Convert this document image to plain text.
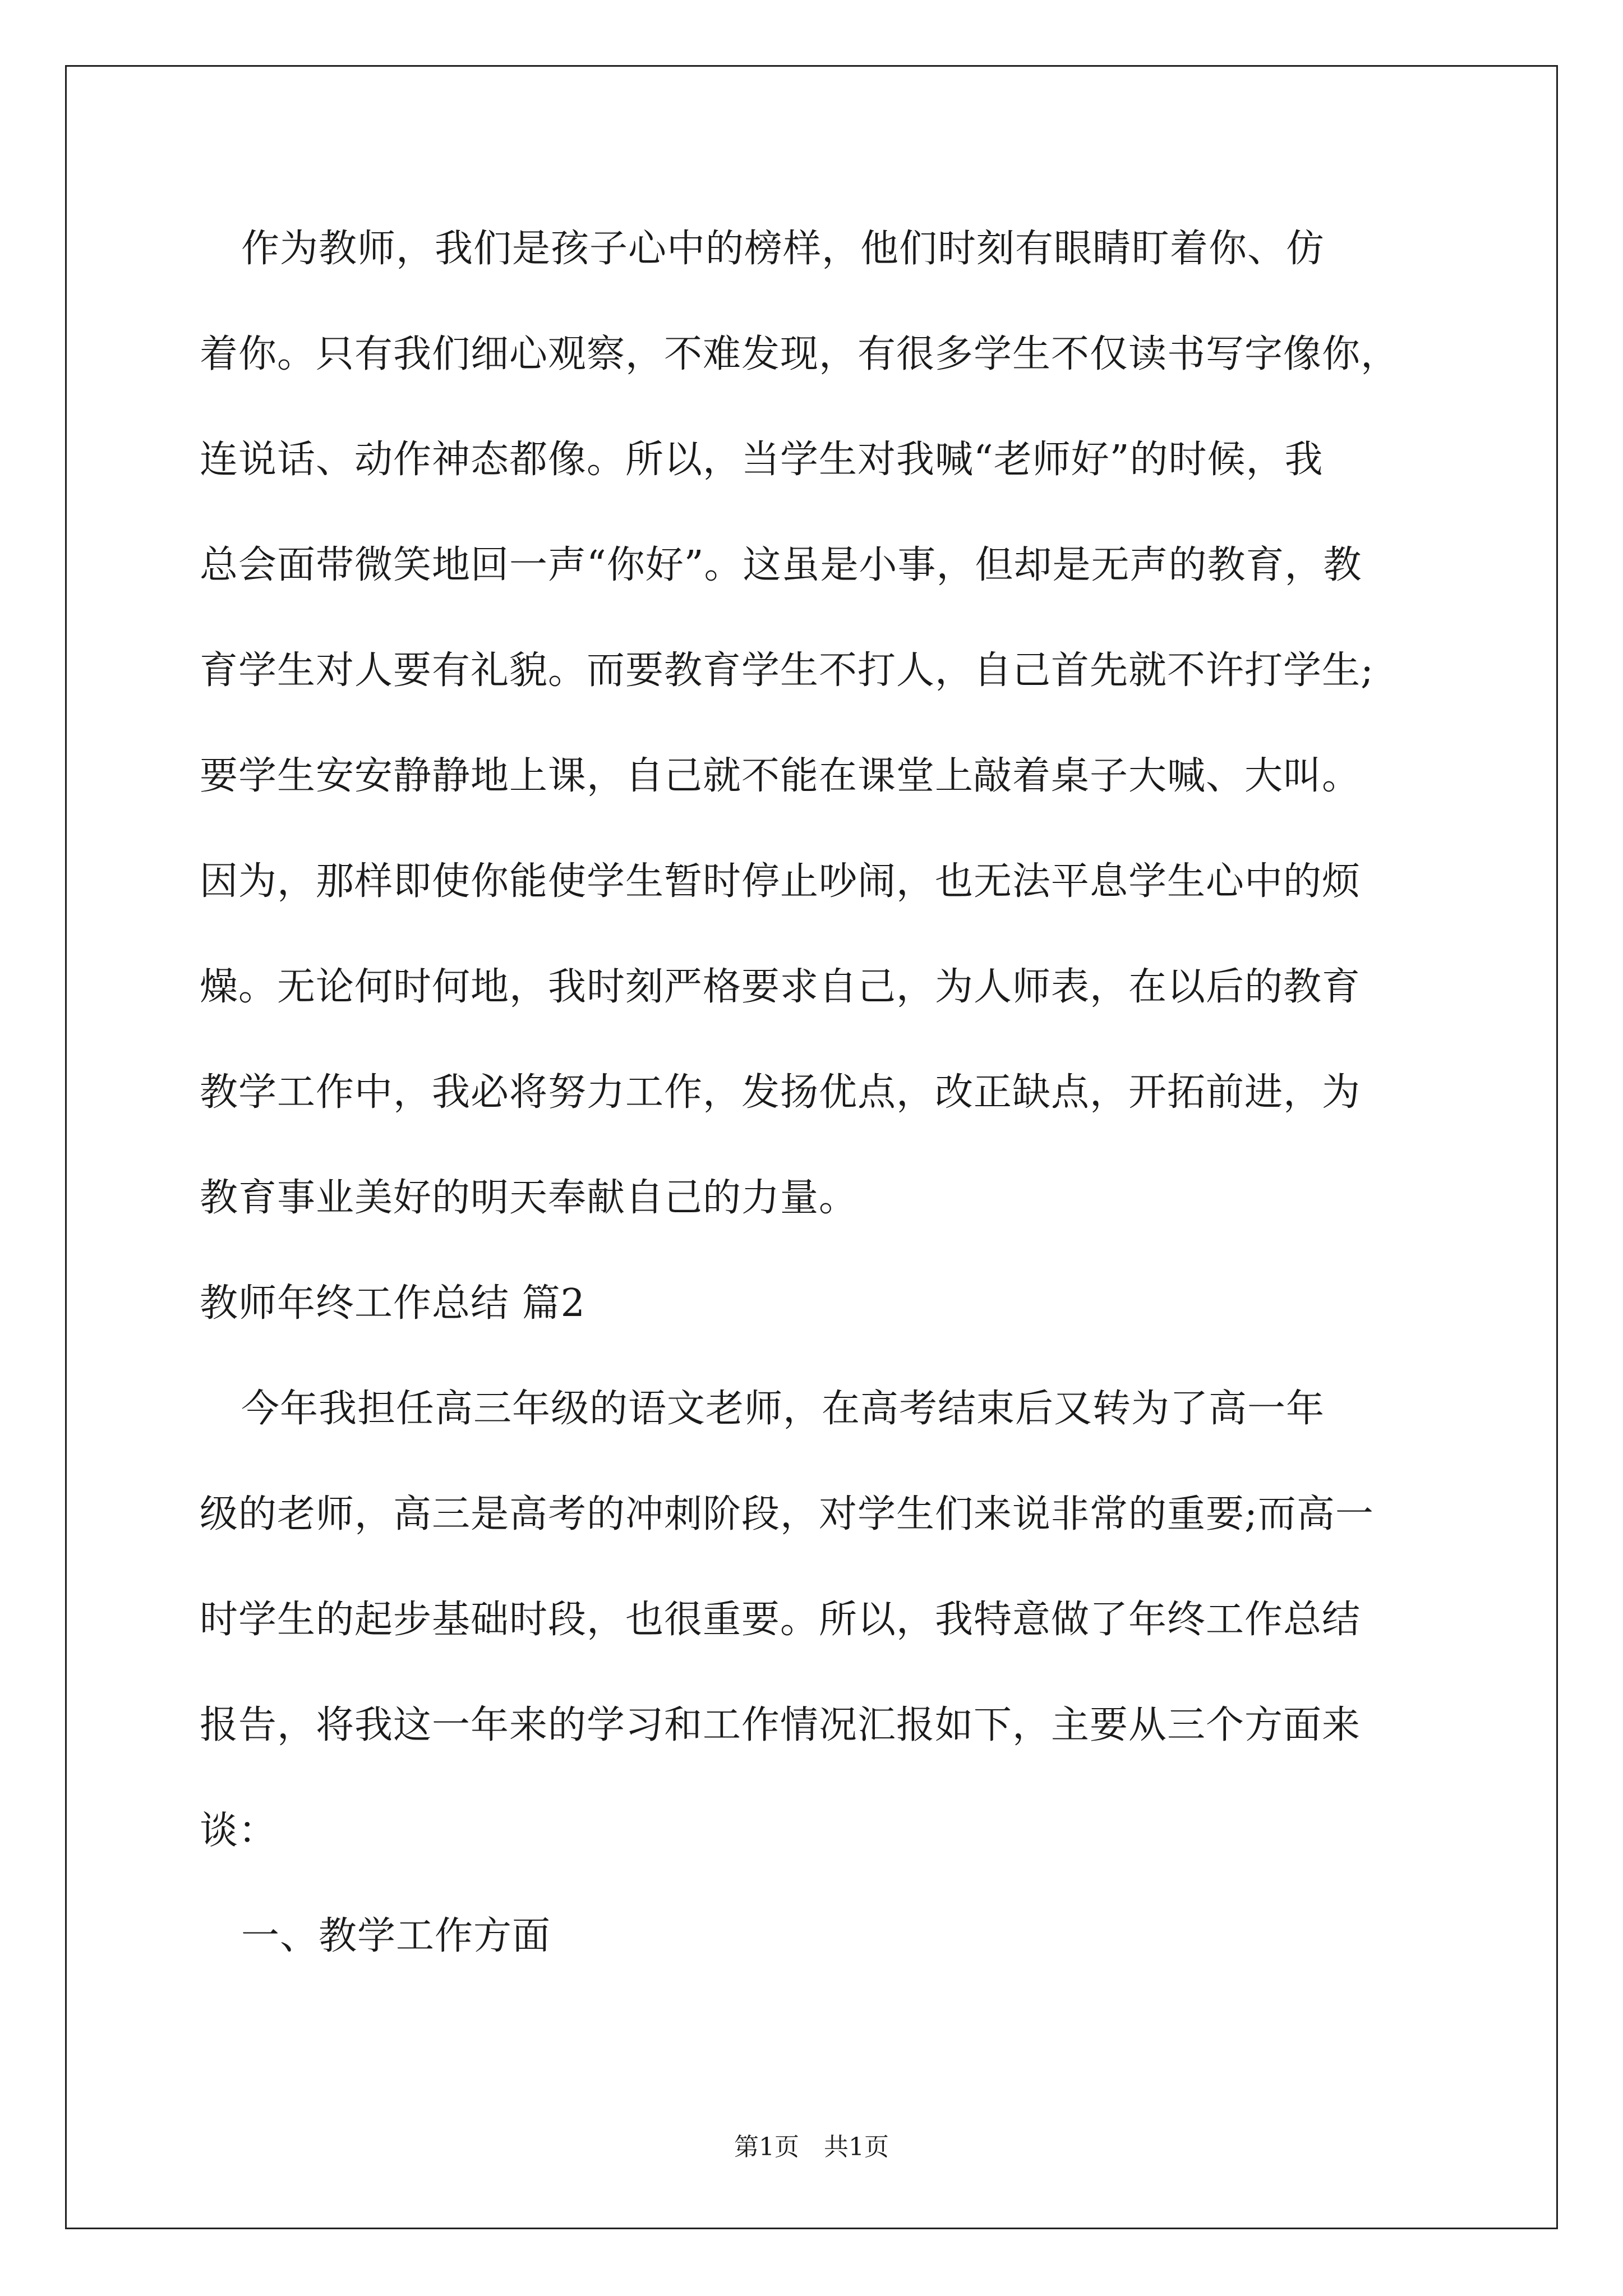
作为教师，我们是孩子心中的榜样，他们时刻有眼睛盯着你、仿
着你。只有我们细心观察，不难发现，有很多学生不仅读书写字像你，
连说话、动作神态都像。所以，当学生对我喊“老师好”的时候，我
总会面带微笑地回一声“你好”。这虽是小事，但却是无声的教育，教
育学生对人要有礼貌。而要教育学生不打人，自己首先就不许打学生;
要学生安安静静地上课，自己就不能在课堂上敲着桌子大喊、大叫。
因为，那样即使你能使学生暂时停止吵闹，也无法平息学生心中的烦
燥。无论何时何地，我时刻严格要求自己，为人师表，在以后的教育
教学工作中，我必将努力工作，发扬优点，改正缺点，开拓前进，为
教育事业美好的明天奉献自己的力量。
教师年终工作总结 篇2
今年我担任高三年级的语文老师，在高考结束后又转为了高一年
级的老师，高三是高考的冲刺阶段，对学生们来说非常的重要;而高一
时学生的起步基础时段，也很重要。所以，我特意做了年终工作总结
报告，将我这一年来的学习和工作情况汇报如下，主要从三个方面来
谈：
一、教学工作方面
第1页　共1页
